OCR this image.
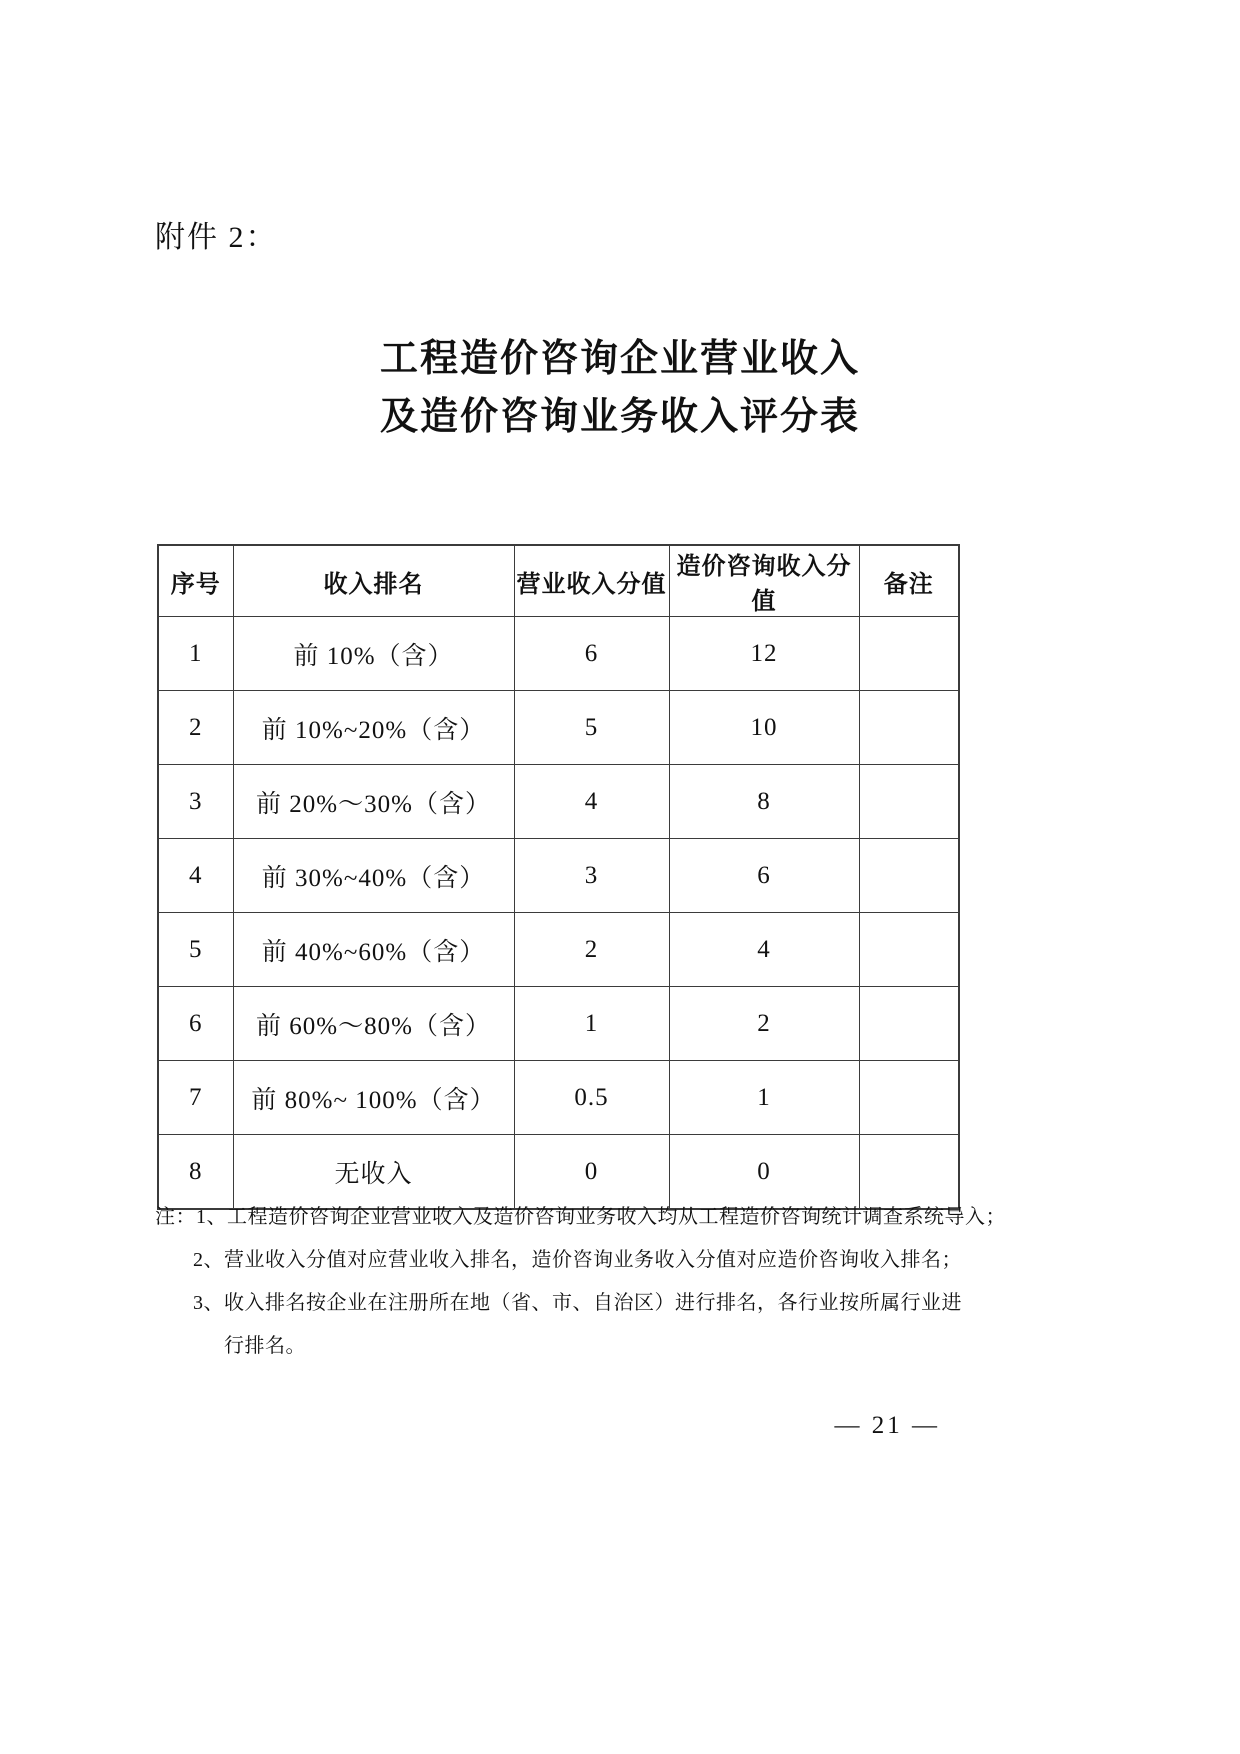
附件 2：
工程造价咨询企业营业收入
及造价咨询业务收入评分表
序号	收入排名	营业收入分值	造价咨询收入分值	备注
1	前 10%（含）	6	12	
2	前 10%~20%（含）	5	10	
3	前 20%～30%（含）	4	8	
4	前 30%~40%（含）	3	6	
5	前 40%~60%（含）	2	4	
6	前 60%～80%（含）	1	2	
7	前 80%~ 100%（含）	0.5	1	
8	无收入	0	0	
注：1、 工程造价咨询企业营业收入及造价咨询业务收入均从工程造价咨询统计调查系统导入；
2、 营业收入分值对应营业收入排名，造价咨询业务收入分值对应造价咨询收入排名；
3、 收入排名按企业在注册所在地（省、市、自治区）进行排名，各行业按所属行业进行排名。
— 21 —
